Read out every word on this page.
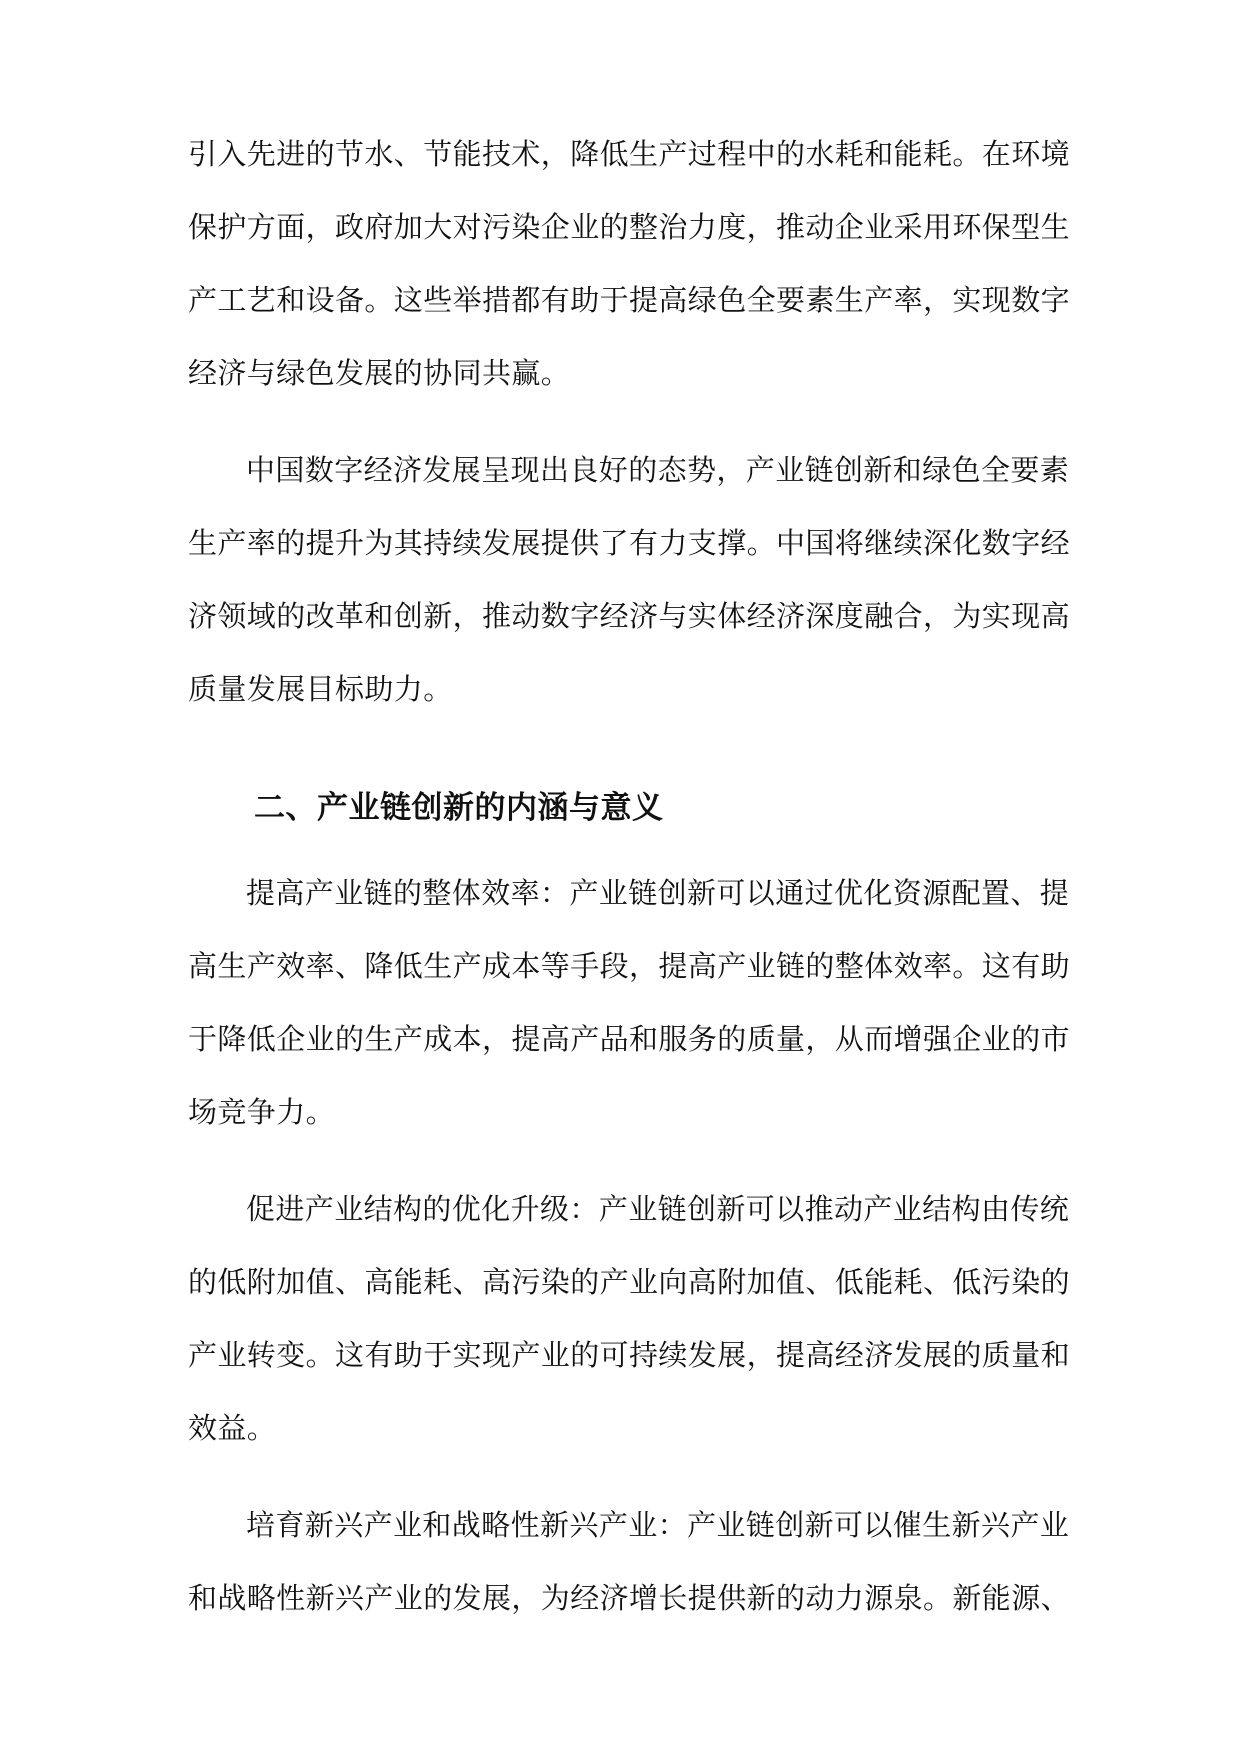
引入先进的节水、节能技术，降低生产过程中的水耗和能耗。在环境
保护方面，政府加大对污染企业的整治力度，推动企业采用环保型生
产工艺和设备。这些举措都有助于提高绿色全要素生产率，实现数字
经济与绿色发展的协同共赢。
中国数字经济发展呈现出良好的态势，产业链创新和绿色全要素
生产率的提升为其持续发展提供了有力支撑。中国将继续深化数字经
济领域的改革和创新，推动数字经济与实体经济深度融合，为实现高
质量发展目标助力。
二、产业链创新的内涵与意义
提高产业链的整体效率：产业链创新可以通过优化资源配置、提
高生产效率、降低生产成本等手段，提高产业链的整体效率。这有助
于降低企业的生产成本，提高产品和服务的质量，从而增强企业的市
场竞争力。
促进产业结构的优化升级：产业链创新可以推动产业结构由传统
的低附加值、高能耗、高污染的产业向高附加值、低能耗、低污染的
产业转变。这有助于实现产业的可持续发展，提高经济发展的质量和
效益。
培育新兴产业和战略性新兴产业：产业链创新可以催生新兴产业
和战略性新兴产业的发展，为经济增长提供新的动力源泉。新能源、
